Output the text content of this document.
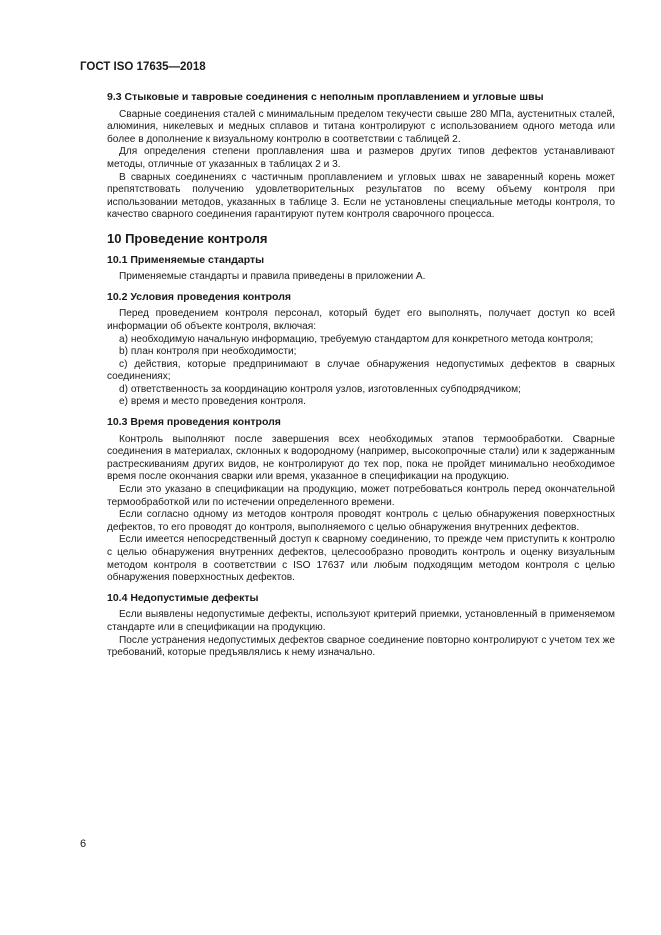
ГОСТ ISO 17635—2018
9.3 Стыковые и тавровые соединения с неполным проплавлением и угловые швы

Сварные соединения сталей с минимальным пределом текучести свыше 280 МПа, аустенитных сталей, алюминия, никелевых и медных сплавов и титана контролируют с использованием одного метода или более в дополнение к визуальному контролю в соответствии с таблицей 2.

Для определения степени проплавления шва и размеров других типов дефектов устанавливают методы, отличные от указанных в таблицах 2 и 3.

В сварных соединениях с частичным проплавлением и угловых швах не заваренный корень может препятствовать получению удовлетворительных результатов по всему объему контроля при использовании методов, указанных в таблице 3. Если не установлены специальные методы контроля, то качество сварного соединения гарантируют путем контроля сварочного процесса.

10 Проведение контроля
10.1 Применяемые стандарты

Применяемые стандарты и правила приведены в приложении А.

10.2 Условия проведения контроля

Перед проведением контроля персонал, который будет его выполнять, получает доступ ко всей информации об объекте контроля, включая:

a) необходимую начальную информацию, требуемую стандартом для конкретного метода контроля;

b) план контроля при необходимости;

c) действия, которые предпринимают в случае обнаружения недопустимых дефектов в сварных соединениях;

d) ответственность за координацию контроля узлов, изготовленных субподрядчиком;

e) время и место проведения контроля.

10.3 Время проведения контроля

Контроль выполняют после завершения всех необходимых этапов термообработки. Сварные соединения в материалах, склонных к водородному (например, высокопрочные стали) или к задержанным растрескиваниям других видов, не контролируют до тех пор, пока не пройдет минимально необходимое время после окончания сварки или время, указанное в спецификации на продукцию.

Если это указано в спецификации на продукцию, может потребоваться контроль перед окончательной термообработкой или по истечении определенного времени.

Если согласно одному из методов контроля проводят контроль с целью обнаружения поверхностных дефектов, то его проводят до контроля, выполняемого с целью обнаружения внутренних дефектов.

Если имеется непосредственный доступ к сварному соединению, то прежде чем приступить к контролю с целью обнаружения внутренних дефектов, целесообразно проводить контроль и оценку визуальным методом контроля в соответствии с ISO 17637 или любым подходящим методом контроля с целью обнаружения поверхностных дефектов.

10.4 Недопустимые дефекты

Если выявлены недопустимые дефекты, используют критерий приемки, установленный в применяемом стандарте или в спецификации на продукцию.

После устранения недопустимых дефектов сварное соединение повторно контролируют с учетом тех же требований, которые предъявлялись к нему изначально.

6
